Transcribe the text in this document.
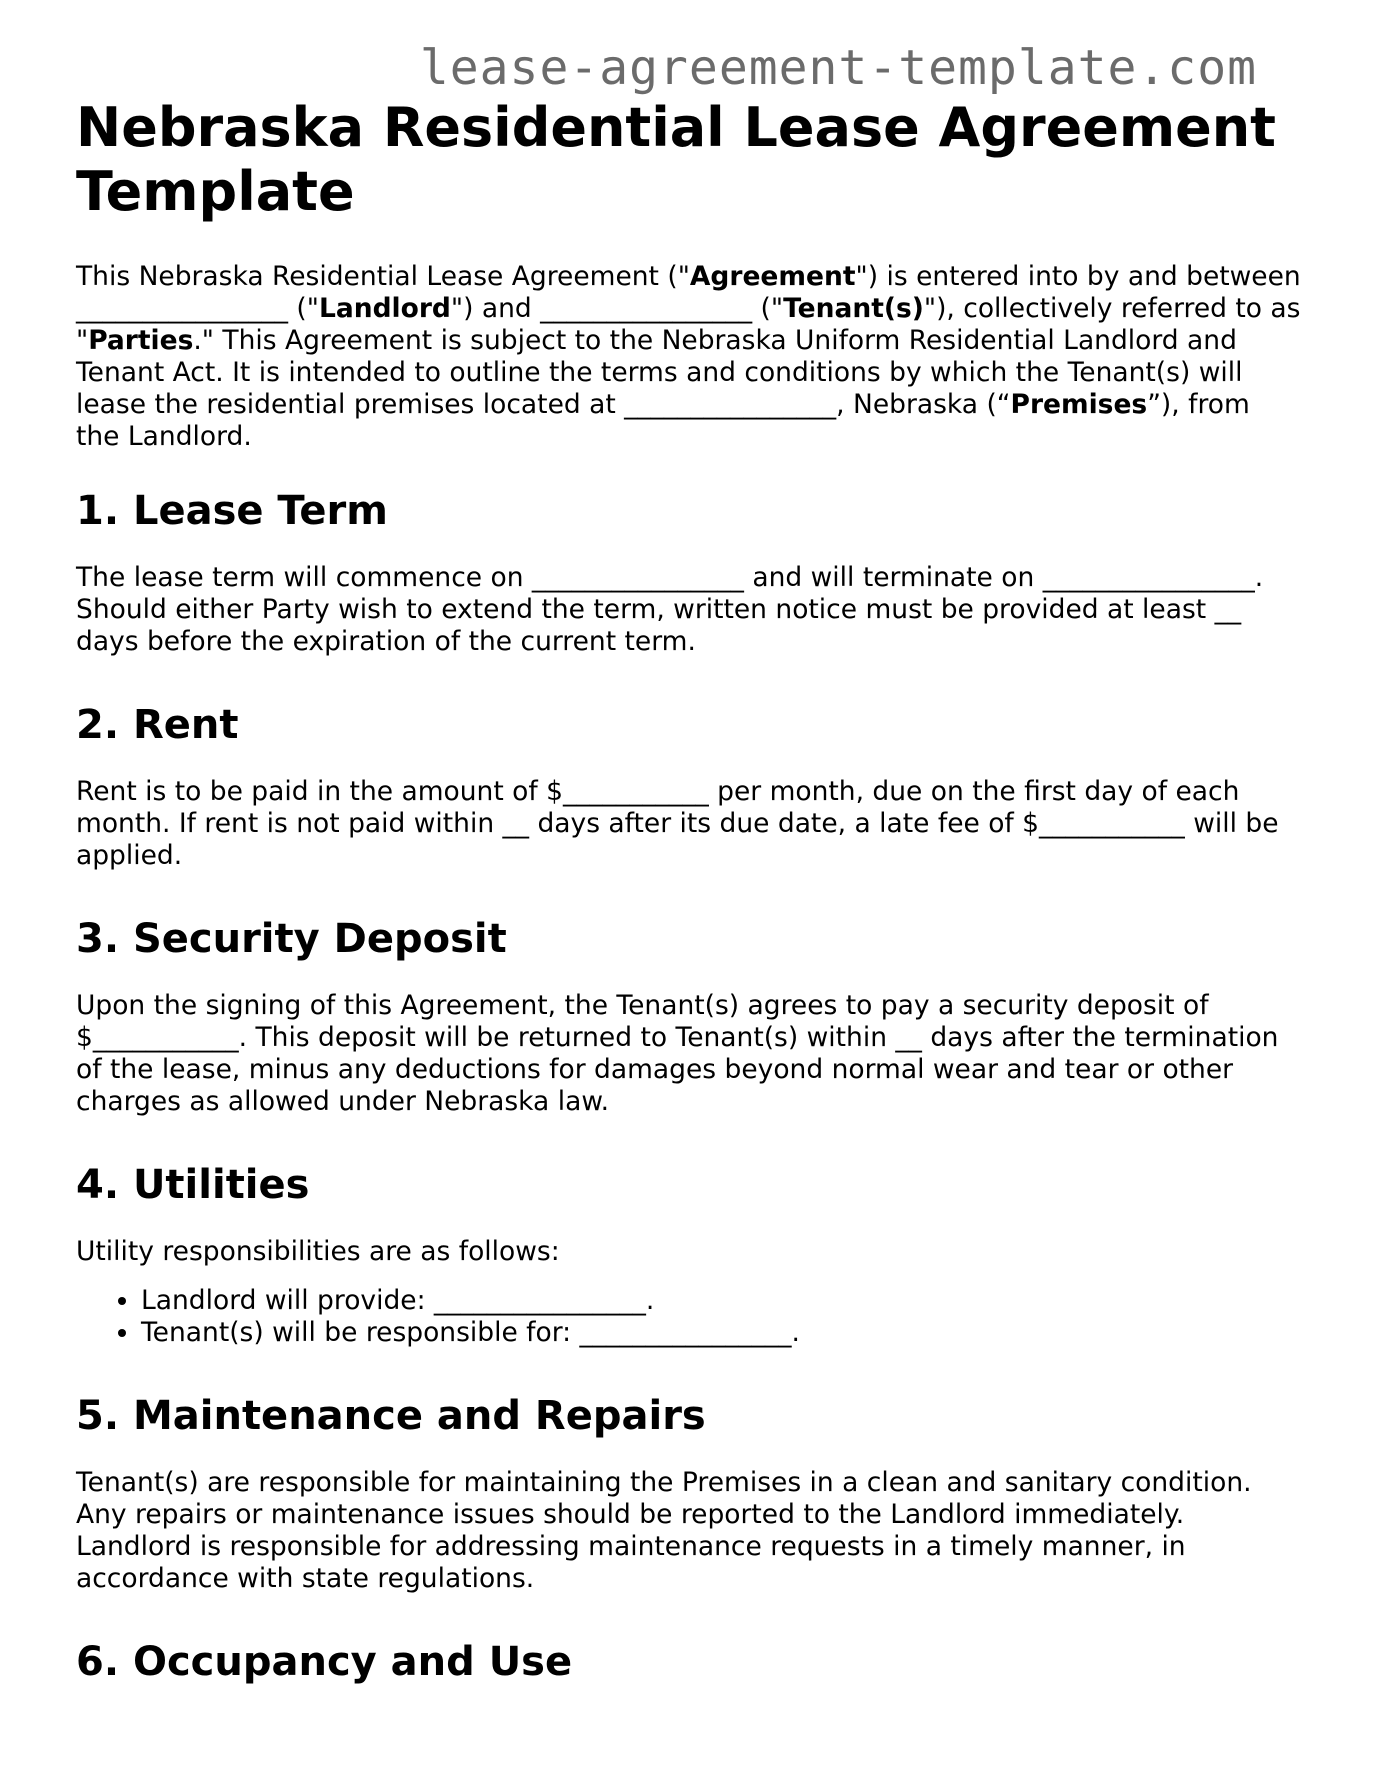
lease-agreement-template.com
Nebraska Residential Lease Agreement Template

This Nebraska Residential Lease Agreement ("Agreement") is entered into by and between ________________ ("Landlord") and ________________ ("Tenant(s)"), collectively referred to as "Parties." This Agreement is subject to the Nebraska Uniform Residential Landlord and Tenant Act. It is intended to outline the terms and conditions by which the Tenant(s) will lease the residential premises located at ________________, Nebraska (“Premises”), from the Landlord.

1. Lease Term

The lease term will commence on ________________ and will terminate on ________________. Should either Party wish to extend the term, written notice must be provided at least __ days before the expiration of the current term.

2. Rent

Rent is to be paid in the amount of $___________ per month, due on the first day of each month. If rent is not paid within __ days after its due date, a late fee of $___________ will be applied.

3. Security Deposit

Upon the signing of this Agreement, the Tenant(s) agrees to pay a security deposit of $___________. This deposit will be returned to Tenant(s) within __ days after the termination of the lease, minus any deductions for damages beyond normal wear and tear or other charges as allowed under Nebraska law.

4. Utilities

Utility responsibilities are as follows:

• Landlord will provide: ________________.
• Tenant(s) will be responsible for: ________________.
5. Maintenance and Repairs

Tenant(s) are responsible for maintaining the Premises in a clean and sanitary condition. Any repairs or maintenance issues should be reported to the Landlord immediately. Landlord is responsible for addressing maintenance requests in a timely manner, in accordance with state regulations.

6. Occupancy and Use
